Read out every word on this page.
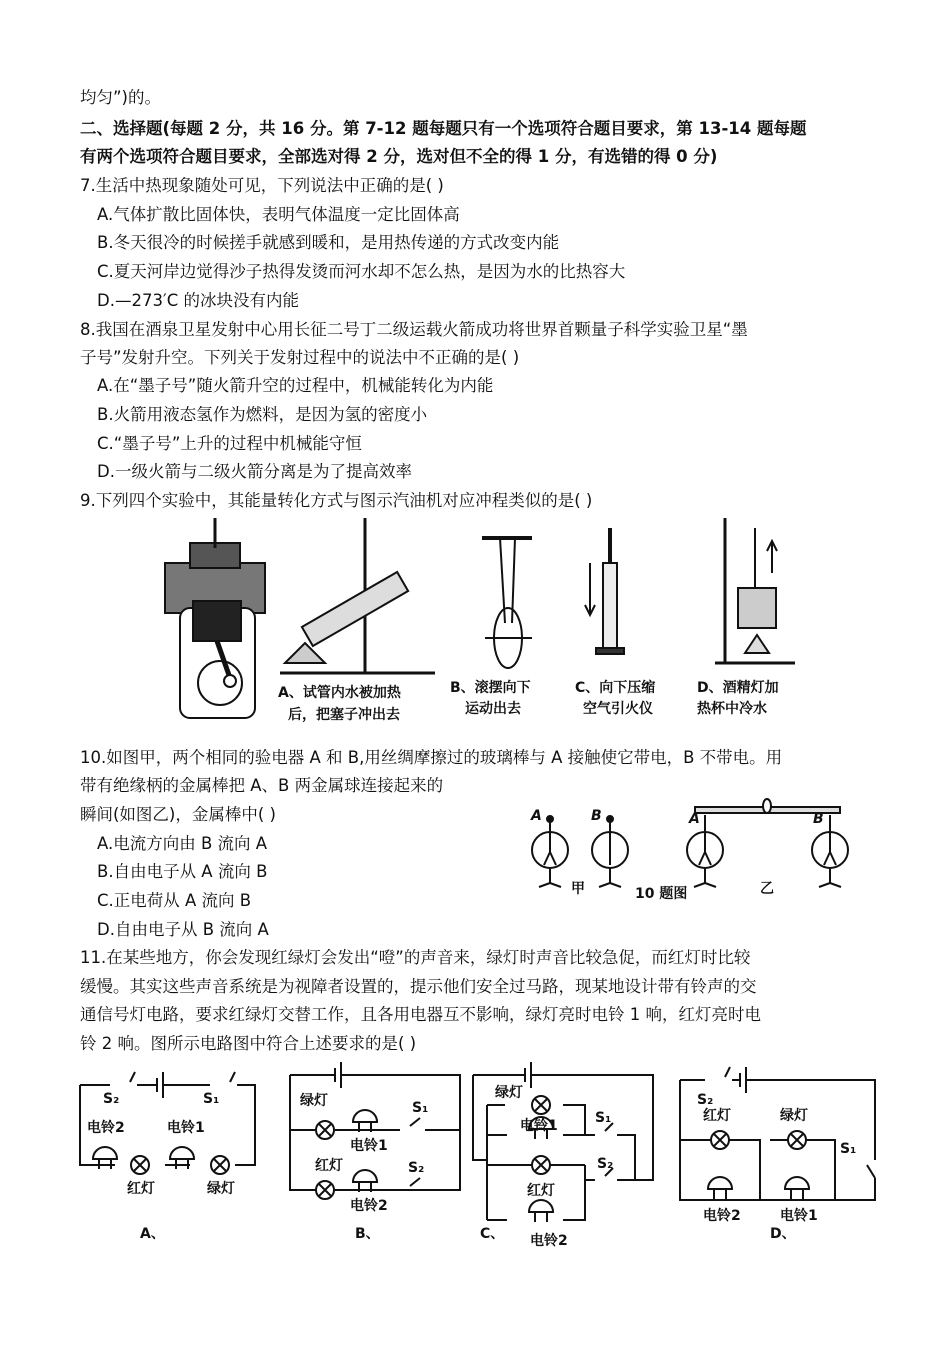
均匀”)的。
二、选择题(每题 2 分，共 16 分。第 7-12 题每题只有一个选项符合题目要求，第 13-14 题每题
有两个选项符合题目要求，全部选对得 2 分，选对但不全的得 1 分，有选错的得 0 分)
7.生活中热现象随处可见，下列说法中正确的是( )
A.气体扩散比固体快，表明气体温度一定比固体高
B.冬天很冷的时候搓手就感到暖和，是用热传递的方式改变内能
C.夏天河岸边觉得沙子热得发烫而河水却不怎么热，是因为水的比热容大
D.—273′C 的冰块没有内能
8.我国在酒泉卫星发射中心用长征二号丁二级运载火箭成功将世界首颗量子科学实验卫星“墨
子号”发射升空。下列关于发射过程中的说法中不正确的是( )
A.在“墨子号”随火箭升空的过程中，机械能转化为内能
B.火箭用液态氢作为燃料，是因为氢的密度小
C.“墨子号”上升的过程中机械能守恒
D.一级火箭与二级火箭分离是为了提高效率
9.下列四个实验中，其能量转化方式与图示汽油机对应冲程类似的是( )
A、试管内水被加热
后，把塞子冲出去
B、滚摆向下
运动出去
C、向下压缩
空气引火仪
D、酒精灯加
热杯中冷水
10.如图甲，两个相同的验电器 A 和 B,用丝绸摩擦过的玻璃棒与 A 接触使它带电，B 不带电。用
带有绝缘柄的金属棒把 A、B 两金属球连接起来的
瞬间(如图乙)，金属棒中( )
A.电流方向由 B 流向 A
B.自由电子从 A 流向 B
C.正电荷从 A 流向 B
D.自由电子从 B 流向 A
A	B	A	B
甲	10 题图	乙
11.在某些地方，你会发现红绿灯会发出“噔”的声音来，绿灯时声音比较急促，而红灯时比较
缓慢。其实这些声音系统是为视障者设置的，提示他们安全过马路，现某地设计带有铃声的交
通信号灯电路，要求红绿灯交替工作，且各用电器互不影响，绿灯亮时电铃 1 响，红灯亮时电
铃 2 响。图所示电路图中符合上述要求的是( )
S₂	S₁
电铃2	电铃1
红灯	绿灯
A、
绿灯
电铃1
S₁
红灯
电铃2
S₂
B、
绿灯
电铃1	S₁
红灯
S₂
电铃2
C、
S₂
红灯	绿灯
S₁
电铃2	电铃1
D、
